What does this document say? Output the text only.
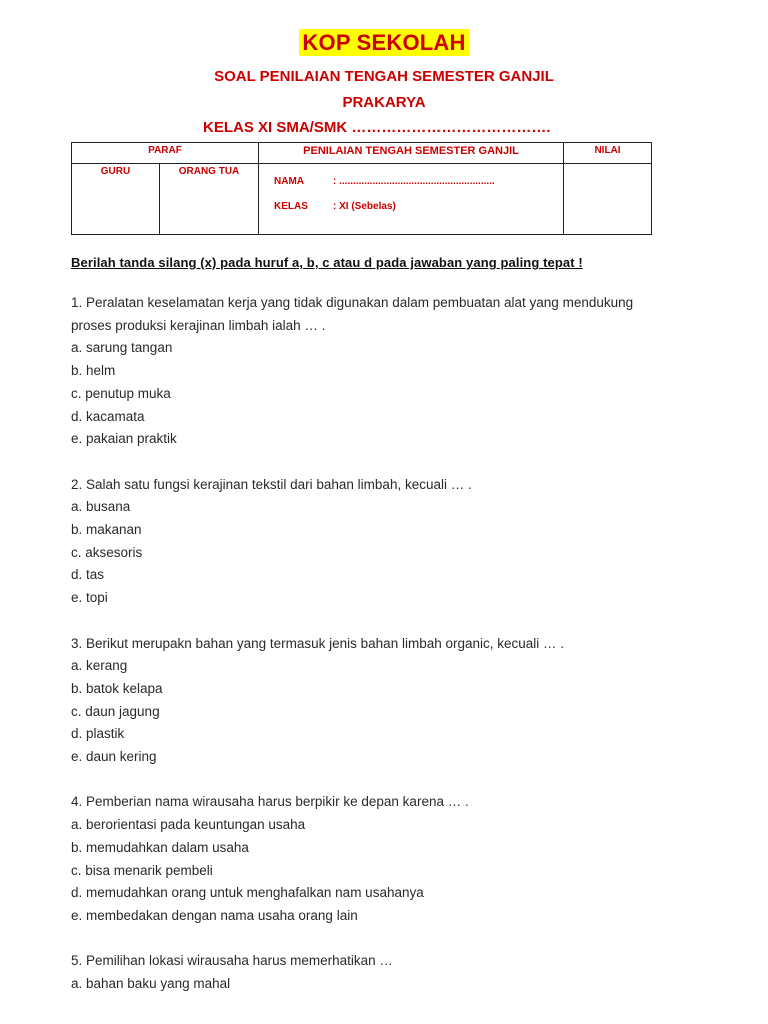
KOP SEKOLAH
SOAL PENILAIAN TENGAH SEMESTER GANJIL
PRAKARYA
KELAS XI SMA/SMK ………………………………….
PARAF		PENILAIAN TENGAH SEMESTER GANJIL	NILAI
GURU	ORANG TUA	NAMA : ........................................................
KELAS : XI (Sebelas)	

Berilah tanda silang (x) pada huruf a, b, c atau d pada jawaban yang paling tepat !
1. Peralatan keselamatan kerja yang tidak digunakan dalam pembuatan alat yang mendukung
proses produksi kerajinan limbah ialah … .
a. sarung tangan
b. helm
c. penutup muka
d. kacamata
e. pakaian praktik
2. Salah satu fungsi kerajinan tekstil dari bahan limbah, kecuali … .
a. busana
b. makanan
c. aksesoris
d. tas
e. topi
3. Berikut merupakn bahan yang termasuk jenis bahan limbah organic, kecuali … .
a. kerang
b. batok kelapa
c. daun jagung
d. plastik
e. daun kering
4. Pemberian nama wirausaha harus berpikir ke depan karena … .
a. berorientasi pada keuntungan usaha
b. memudahkan dalam usaha
c. bisa menarik pembeli
d. memudahkan orang untuk menghafalkan nam usahanya
e. membedakan dengan nama usaha orang lain
5. Pemilihan lokasi wirausaha harus memerhatikan …
a. bahan baku yang mahal
